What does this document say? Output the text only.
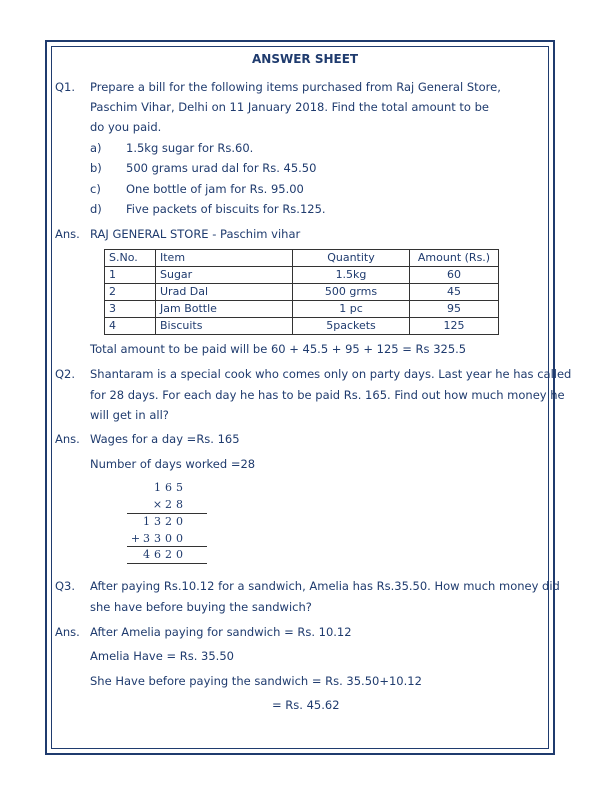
ANSWER SHEET
Q1. Prepare a bill for the following items purchased from Raj General Store,
Paschim Vihar, Delhi on 11 January 2018. Find the total amount to be
do you paid.
a) 1.5kg sugar for Rs.60.
b) 500 grams urad dal for Rs. 45.50
c) One bottle of jam for Rs. 95.00
d) Five packets of biscuits for Rs.125.
Ans. RAJ GENERAL STORE - Paschim vihar
S.No.	Item	Quantity	Amount (Rs.)
1	Sugar	1.5kg	60
2	Urad Dal	500 grms	45
3	Jam Bottle	1 pc	95
4	Biscuits	5packets	125
Total amount to be paid will be 60 + 45.5 + 95 + 125 = Rs 325.5
Q2. Shantaram is a special cook who comes only on party days. Last year he has called
for 28 days. For each day he has to be paid Rs. 165. Find out how much money he
will get in all?
Ans. Wages for a day =Rs. 165
Number of days worked =28
1 6 5
× 2 8
1 3 2 0
+ 3 3 0 0
4 6 2 0
Q3. After paying Rs.10.12 for a sandwich, Amelia has Rs.35.50. How much money did
she have before buying the sandwich?
Ans. After Amelia paying for sandwich = Rs. 10.12
Amelia Have = Rs. 35.50
She Have before paying the sandwich = Rs. 35.50+10.12
= Rs. 45.62
